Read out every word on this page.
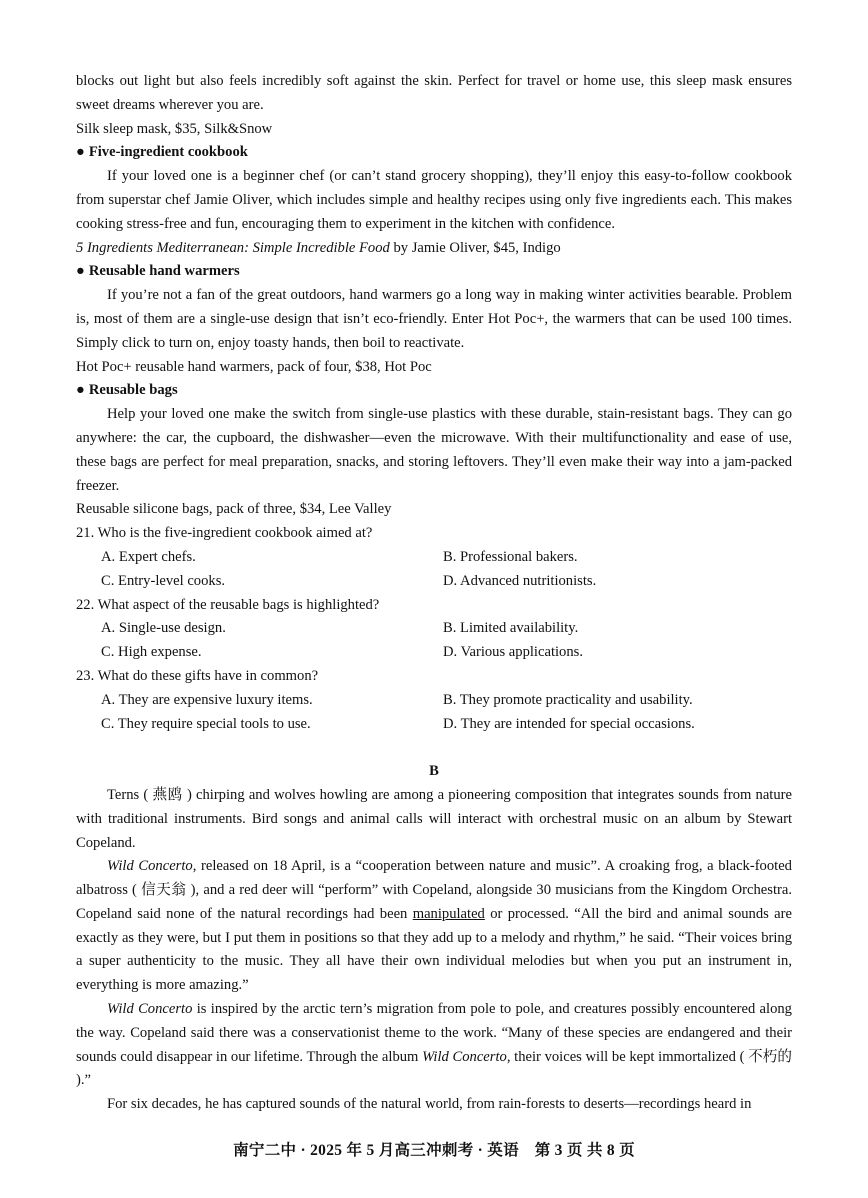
blocks out light but also feels incredibly soft against the skin. Perfect for travel or home use, this sleep mask ensures sweet dreams wherever you are.

Silk sleep mask, $35, Silk&Snow

● Five-ingredient cookbook

If your loved one is a beginner chef (or can’t stand grocery shopping), they’ll enjoy this easy-to-follow cookbook from superstar chef Jamie Oliver, which includes simple and healthy recipes using only five ingredients each. This makes cooking stress-free and fun, encouraging them to experiment in the kitchen with confidence.

5 Ingredients Mediterranean: Simple Incredible Food by Jamie Oliver, $45, Indigo

● Reusable hand warmers

If you’re not a fan of the great outdoors, hand warmers go a long way in making winter activities bearable. Problem is, most of them are a single-use design that isn’t eco-friendly. Enter Hot Poc+, the warmers that can be used 100 times. Simply click to turn on, enjoy toasty hands, then boil to reactivate.

Hot Poc+ reusable hand warmers, pack of four, $38, Hot Poc

● Reusable bags

Help your loved one make the switch from single-use plastics with these durable, stain-resistant bags. They can go anywhere: the car, the cupboard, the dishwasher—even the microwave. With their multifunctionality and ease of use, these bags are perfect for meal preparation, snacks, and storing leftovers. They’ll even make their way into a jam-packed freezer.

Reusable silicone bags, pack of three, $34, Lee Valley

21. Who is the five-ingredient cookbook aimed at?

A. Expert chefs.	B. Professional bakers.
C. Entry-level cooks.	D. Advanced nutritionists.

22. What aspect of the reusable bags is highlighted?

A. Single-use design.	B. Limited availability.
C. High expense.	D. Various applications.

23. What do these gifts have in common?

A. They are expensive luxury items.	B. They promote practicality and usability.
C. They require special tools to use.	D. They are intended for special occasions.
B

Terns ( 燕鸥 ) chirping and wolves howling are among a pioneering composition that integrates sounds from nature with traditional instruments. Bird songs and animal calls will interact with orchestral music on an album by Stewart Copeland.

Wild Concerto, released on 18 April, is a “cooperation between nature and music”. A croaking frog, a black-footed albatross ( 信天翁 ), and a red deer will “perform” with Copeland, alongside 30 musicians from the Kingdom Orchestra. Copeland said none of the natural recordings had been manipulated or processed. “All the bird and animal sounds are exactly as they were, but I put them in positions so that they add up to a melody and rhythm,” he said. “Their voices bring a super authenticity to the music. They all have their own individual melodies but when you put an instrument in, everything is more amazing.”

Wild Concerto is inspired by the arctic tern’s migration from pole to pole, and creatures possibly encountered along the way. Copeland said there was a conservationist theme to the work. “Many of these species are endangered and their sounds could disappear in our lifetime. Through the album Wild Concerto, their voices will be kept immortalized ( 不朽的 ).”

For six decades, he has captured sounds of the natural world, from rain-forests to deserts—recordings heard in

南宁二中 · 2025 年 5 月高三冲刺考 · 英语　第 3 页 共 8 页
